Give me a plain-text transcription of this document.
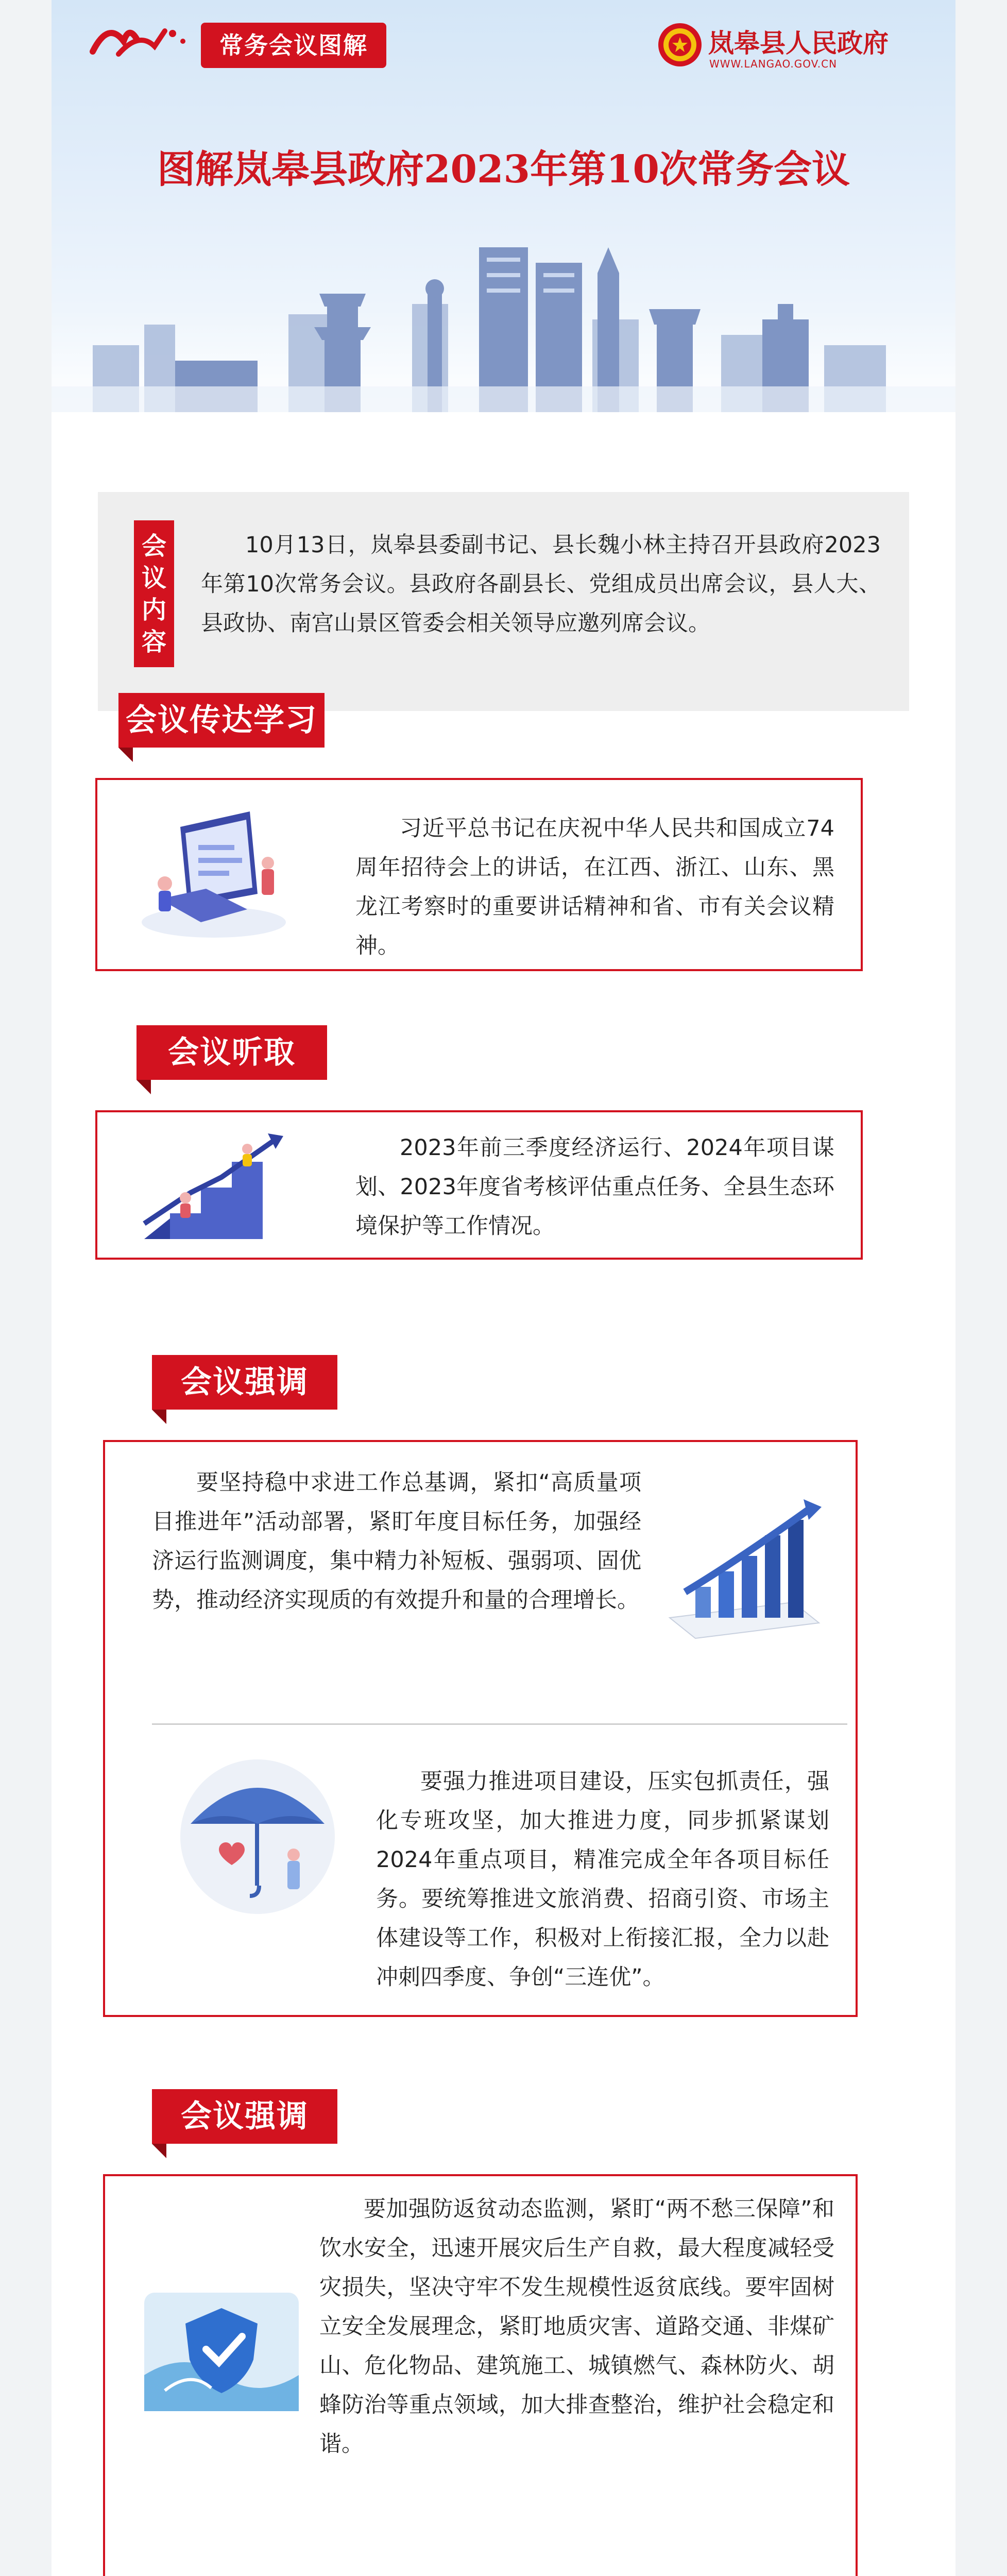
常务会议图解	岚皋县人民政府
WWW.LANGAO.GOV.CN
图解岚皋县政府2023年第10次常务会议
会
议
内
容

10月13日，岚皋县委副书记、县长魏小林主持召开县政府2023年第10次常务会议。县政府各副县长、党组成员出席会议，县人大、县政协、南宫山景区管委会相关领导应邀列席会议。

会议传达学习

习近平总书记在庆祝中华人民共和国成立74周年招待会上的讲话，在江西、浙江、山东、黑龙江考察时的重要讲话精神和省、市有关会议精神。

会议听取

2023年前三季度经济运行、2024年项目谋划、2023年度省考核评估重点任务、全县生态环境保护等工作情况。

会议强调

要坚持稳中求进工作总基调，紧扣“高质量项目推进年”活动部署，紧盯年度目标任务，加强经济运行监测调度，集中精力补短板、强弱项、固优势，推动经济实现质的有效提升和量的合理增长。

要强力推进项目建设，压实包抓责任，强化专班攻坚，加大推进力度，同步抓紧谋划2024年重点项目，精准完成全年各项目标任务。要统筹推进文旅消费、招商引资、市场主体建设等工作，积极对上衔接汇报，全力以赴冲刺四季度、争创“三连优”。

会议强调

要加强防返贫动态监测，紧盯“两不愁三保障”和饮水安全，迅速开展灾后生产自救，最大程度减轻受灾损失，坚决守牢不发生规模性返贫底线。要牢固树立安全发展理念，紧盯地质灾害、道路交通、非煤矿山、危化物品、建筑施工、城镇燃气、森林防火、胡蜂防治等重点领域，加大排查整治，维护社会稳定和谐。
